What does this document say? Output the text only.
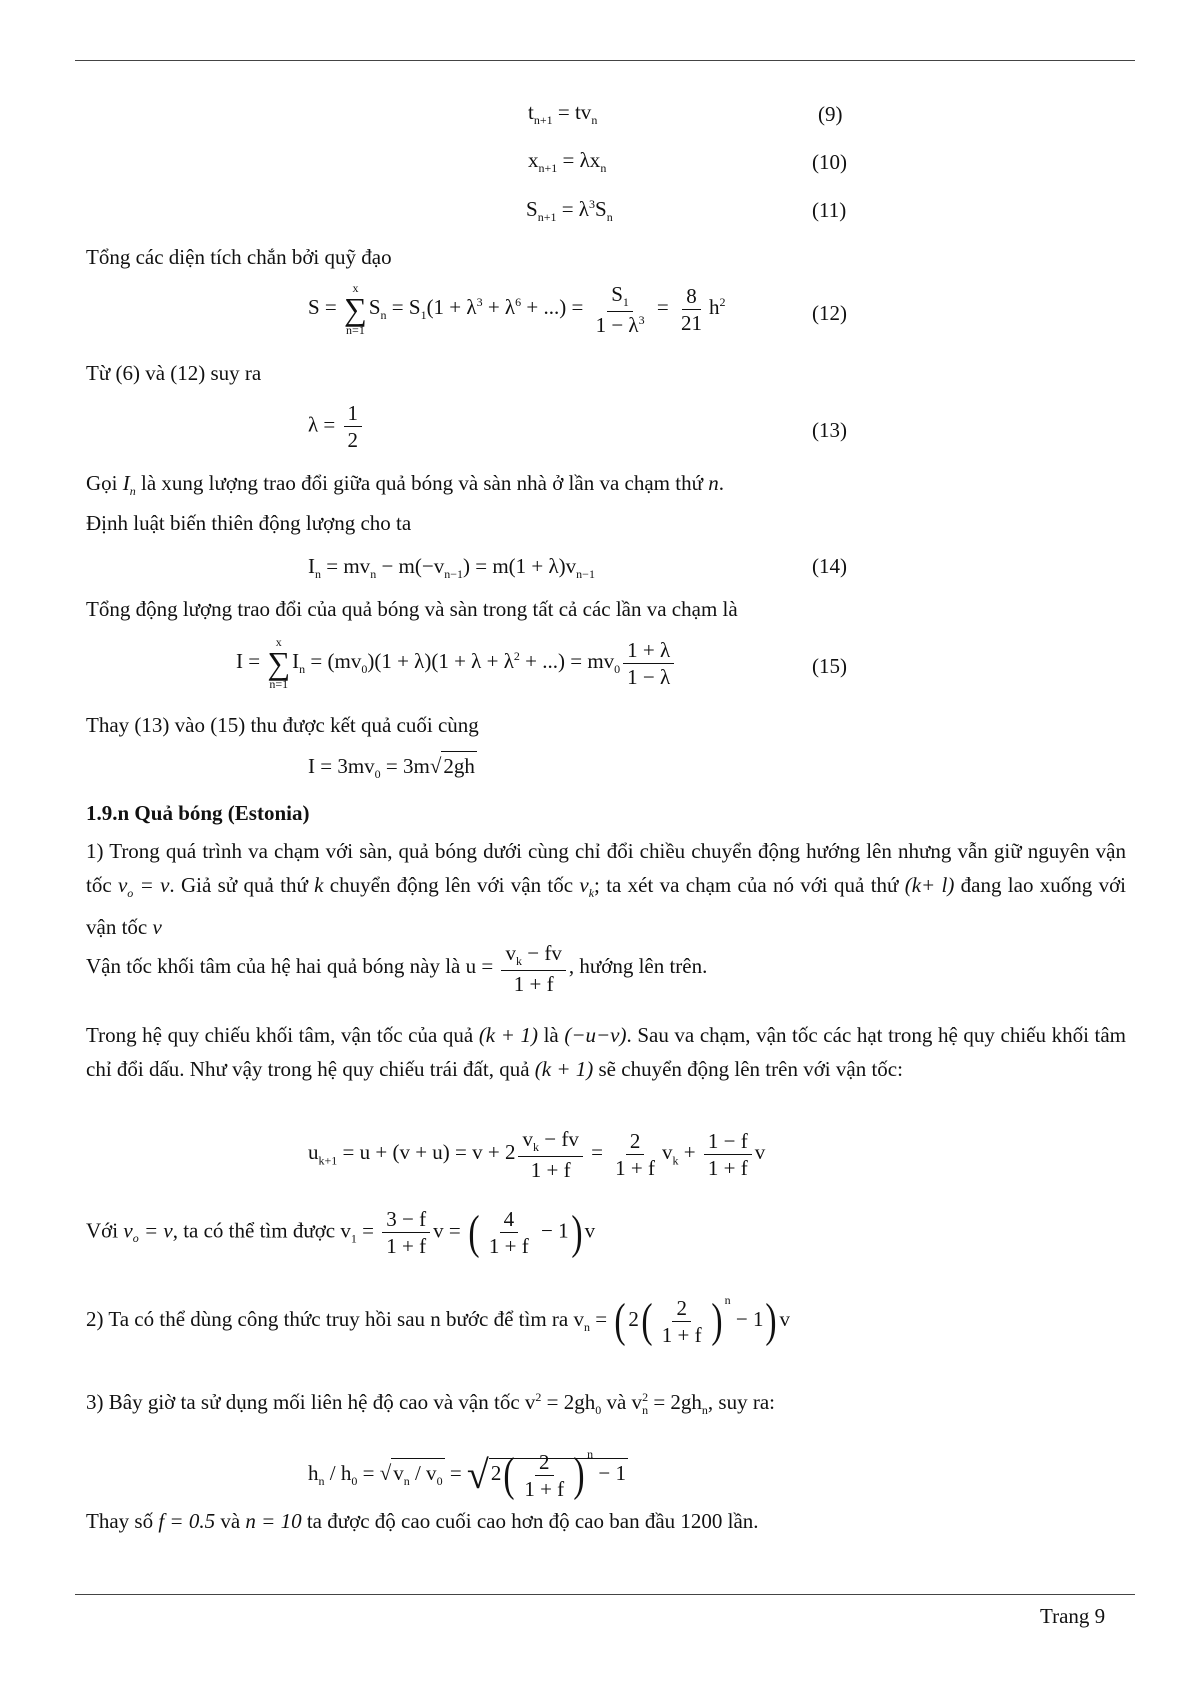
$t_{n+1} = tv_n$	(9)
$x_{n+1} = \lambda x_n$	(10)
$S_{n+1} = \lambda^3S_n$	(11)
Tổng các diện tích chắn bởi quỹ đạo
S =
x
∑
n=1
$S_n = S_1(1 + \lambda^3 + \lambda^6$ + ...) = $\frac{S_1}{1 - \lambda^3} = \frac{8}{21} h^2$	(12)
Từ (6) và (12) suy ra
$\lambda = \frac{1}{2}$	(13)
Gọi $I_n$ là xung lượng trao đổi giữa quả bóng và sàn nhà ở lần va chạm thứ n.
Định luật biến thiên động lượng cho ta
$I_n = mv_n - m(-v_{n-1}) = m(1 + \lambda)v_{n-1}$	(14)
Tổng động lượng trao đổi của quả bóng và sàn trong tất cả các lần va chạm là
I =
x
∑
n=1
$I_n = (mv_0)(1 + \lambda)(1 + \lambda + \lambda^2$ + ...) = $mv_0 \frac{1 + \lambda}{1 - \lambda}$	(15)
Thay (13) vào (15) thu được kết quả cuối cùng
$I = 3mv_0 = 3m√2gh$
1.9.n Quả bóng (Estonia)
1) Trong quá trình va chạm với sàn, quả bóng dưới cùng chỉ đổi chiều chuyển động hướng lên nhưng vẫn giữ nguyên vận tốc $v_o = v$. Giả sử quả thứ k chuyển động lên với vận tốc $v_k$; ta xét va chạm của nó với quả thứ (k+ l) đang lao xuống với vận tốc v
Vận tốc khối tâm của hệ hai quả bóng này là $u = \frac{v_k - fv}{1 + f}$ , hướng lên trên.
Trong hệ quy chiếu khối tâm, vận tốc của quả (k + 1) là (−u−v). Sau va chạm, vận tốc các hạt trong hệ quy chiếu khối tâm chỉ đổi dấu. Như vậy trong hệ quy chiếu trái đất, quả (k + 1) sẽ chuyển động lên trên với vận tốc:
$u_{k+1} = u + (v + u) = v + 2 \frac{v_k - fv}{1 + f} = \frac{2}{1 + f} v_k + \frac{1 - f}{1 + f}$ v
Với $v_o = v$, ta có thể tìm được $v_1 = \frac{3 - f}{1 + f}$ v = ( $\frac{4}{1 + f} - 1$) v
2) Ta có thể dùng công thức truy hồi sau n bước để tìm ra $v_n$ = ( $2( \frac{2}{1 + f}$ ) $^n$ − 1) v
3) Bây giờ ta sử dụng mối liên hệ độ cao và vận tốc $v^2 = 2gh_0$ và $v_n^2 = 2gh_n$, suy ra:
$h_n / h_0 = √v_n / v_0 = √2( \frac{2}{1 + f}$ ) $^n$ − 1
Thay số f = 0.5 và n = 10 ta được độ cao cuối cao hơn độ cao ban đầu 1200 lần.
Trang 9
